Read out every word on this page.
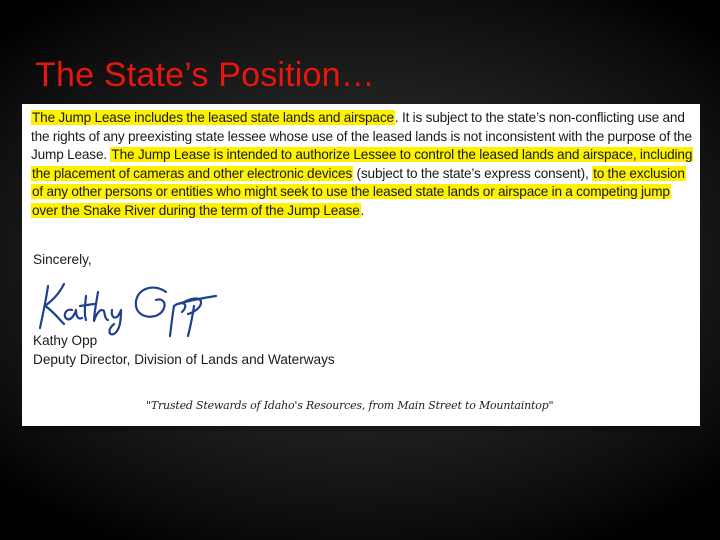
The State’s Position…

The Jump Lease includes the leased state lands and airspace. It is subject to the state’s non-conflicting use and the rights of any preexisting state lessee whose use of the leased lands is not inconsistent with the purpose of the Jump Lease. The Jump Lease is intended to authorize Lessee to control the leased lands and airspace, including the placement of cameras and other electronic devices (subject to the state’s express consent), to the exclusion of any other persons or entities who might seek to use the leased state lands or airspace in a competing jump over the Snake River during the term of the Jump Lease.

Sincerely,

Kathy Opp
Deputy Director, Division of Lands and Waterways
"Trusted Stewards of Idaho's Resources, from Main Street to Mountaintop"
